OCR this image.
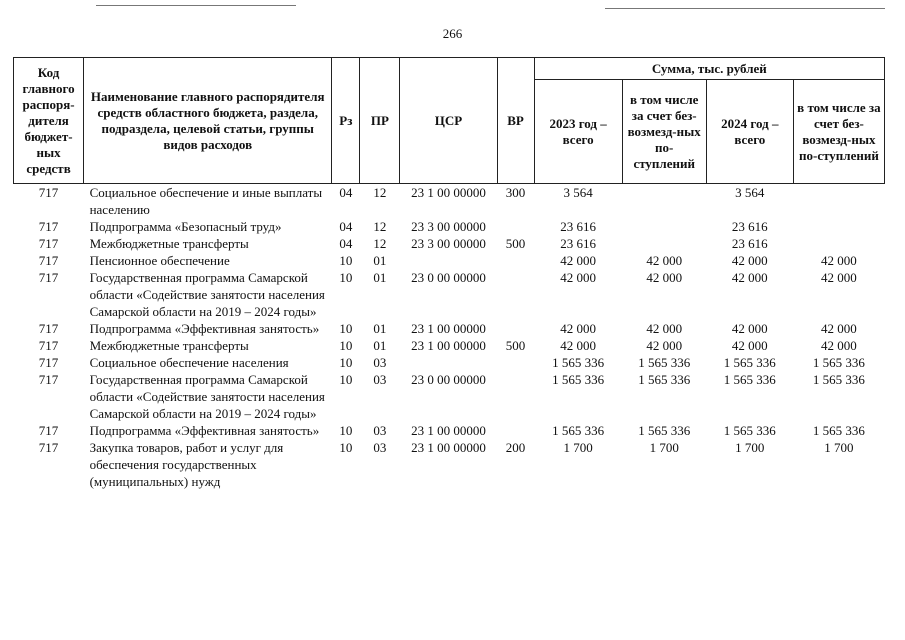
266
Код главного распоря-дителя бюджет-ных средств	Наименование главного распорядителя средств областного бюджета, раздела, подраздела, целевой статьи, группы видов расходов	Рз	ПР	ЦСР	ВР	Сумма, тыс. рублей			
						2023 год – всего	в том числе за счет без-возмезд-ных по-ступлений	2024 год – всего	в том числе за счет без-возмезд-ных по-ступлений
717	Социальное обеспечение и иные выплаты населению	04	12	23 1 00 00000	300	3 564		3 564	
717	Подпрограмма «Безопасный труд»	04	12	23 3 00 00000		23 616		23 616	
717	Межбюджетные трансферты	04	12	23 3 00 00000	500	23 616		23 616	
717	Пенсионное обеспечение	10	01			42 000	42 000	42 000	42 000
717	Государственная программа Самарской области «Содействие занятости населения Самарской области на 2019 – 2024 годы»	10	01	23 0 00 00000		42 000	42 000	42 000	42 000
717	Подпрограмма «Эффективная занятость»	10	01	23 1 00 00000		42 000	42 000	42 000	42 000
717	Межбюджетные трансферты	10	01	23 1 00 00000	500	42 000	42 000	42 000	42 000
717	Социальное обеспечение населения	10	03			1 565 336	1 565 336	1 565 336	1 565 336
717	Государственная программа Самарской области «Содействие занятости населения Самарской области на 2019 – 2024 годы»	10	03	23 0 00 00000		1 565 336	1 565 336	1 565 336	1 565 336
717	Подпрограмма «Эффективная занятость»	10	03	23 1 00 00000		1 565 336	1 565 336	1 565 336	1 565 336
717	Закупка товаров, работ и услуг для обеспечения государственных (муниципальных) нужд	10	03	23 1 00 00000	200	1 700	1 700	1 700	1 700
